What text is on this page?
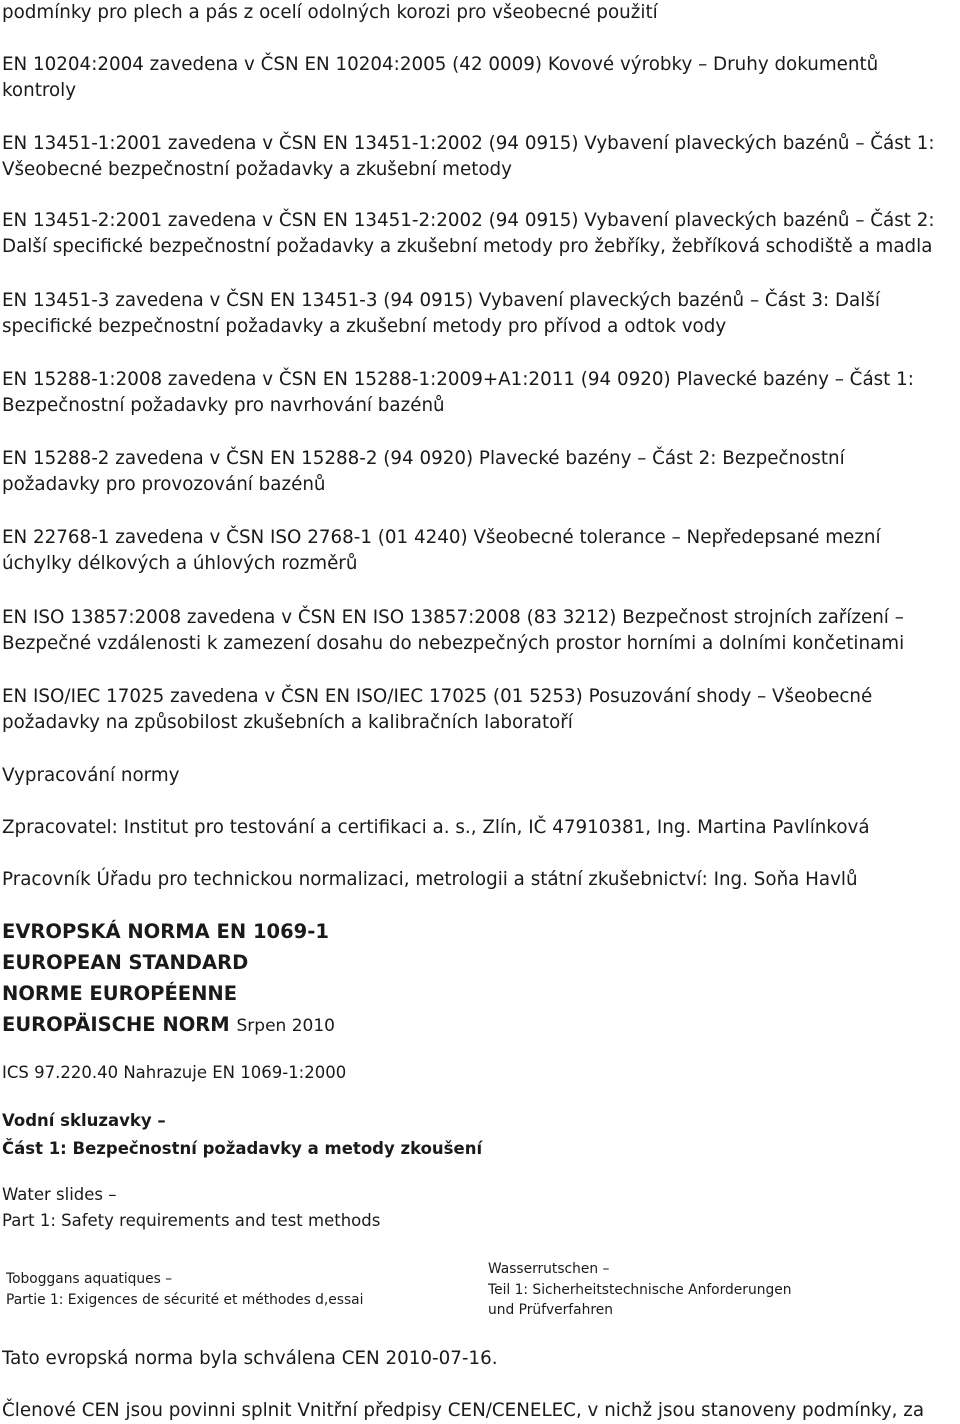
podmínky pro plech a pás z ocelí odolných korozi pro všeobecné použití

EN 10204:2004 zavedena v ČSN EN 10204:2005 (42 0009) Kovové výrobky – Druhy dokumentů
kontroly

EN 13451-1:2001 zavedena v ČSN EN 13451-1:2002 (94 0915) Vybavení plaveckých bazénů – Část 1:
Všeobecné bezpečnostní požadavky a zkušební metody

EN 13451-2:2001 zavedena v ČSN EN 13451-2:2002 (94 0915) Vybavení plaveckých bazénů – Část 2:
Další specifické bezpečnostní požadavky a zkušební metody pro žebříky, žebříková schodiště a madla

EN 13451-3 zavedena v ČSN EN 13451-3 (94 0915) Vybavení plaveckých bazénů – Část 3: Další
specifické bezpečnostní požadavky a zkušební metody pro přívod a odtok vody

EN 15288-1:2008 zavedena v ČSN EN 15288-1:2009+A1:2011 (94 0920) Plavecké bazény – Část 1:
Bezpečnostní požadavky pro navrhování bazénů

EN 15288-2 zavedena v ČSN EN 15288-2 (94 0920) Plavecké bazény – Část 2: Bezpečnostní
požadavky pro provozování bazénů

EN 22768-1 zavedena v ČSN ISO 2768-1 (01 4240) Všeobecné tolerance – Nepředepsané mezní
úchylky délkových a úhlových rozměrů

EN ISO 13857:2008 zavedena v ČSN EN ISO 13857:2008 (83 3212) Bezpečnost strojních zařízení –
Bezpečné vzdálenosti k zamezení dosahu do nebezpečných prostor horními a dolními končetinami

EN ISO/IEC 17025 zavedena v ČSN EN ISO/IEC 17025 (01 5253) Posuzování shody – Všeobecné
požadavky na způsobilost zkušebních a kalibračních laboratoří

Vypracování normy

Zpracovatel: Institut pro testování a certifikaci a. s., Zlín, IČ 47910381, Ing. Martina Pavlínková

Pracovník Úřadu pro technickou normalizaci, metrologii a státní zkušebnictví: Ing. Soňa Havlů

EVROPSKÁ NORMA EN 1069-1
EUROPEAN STANDARD
NORME EUROPÉENNE
EUROPÄISCHE NORM Srpen 2010

ICS 97.220.40 Nahrazuje EN 1069-1:2000

Vodní skluzavky –
Část 1: Bezpečnostní požadavky a metody zkoušení
Water slides –
Part 1: Safety requirements and test methods
Toboggans aquatiques –
Partie 1: Exigences de sécurité et méthodes d,essai
Wasserrutschen –
Teil 1: Sicherheitstechnische Anforderungen
und Prüfverfahren

Tato evropská norma byla schválena CEN 2010-07-16.

Členové CEN jsou povinni splnit Vnitřní předpisy CEN/CENELEC, v nichž jsou stanoveny podmínky, za
